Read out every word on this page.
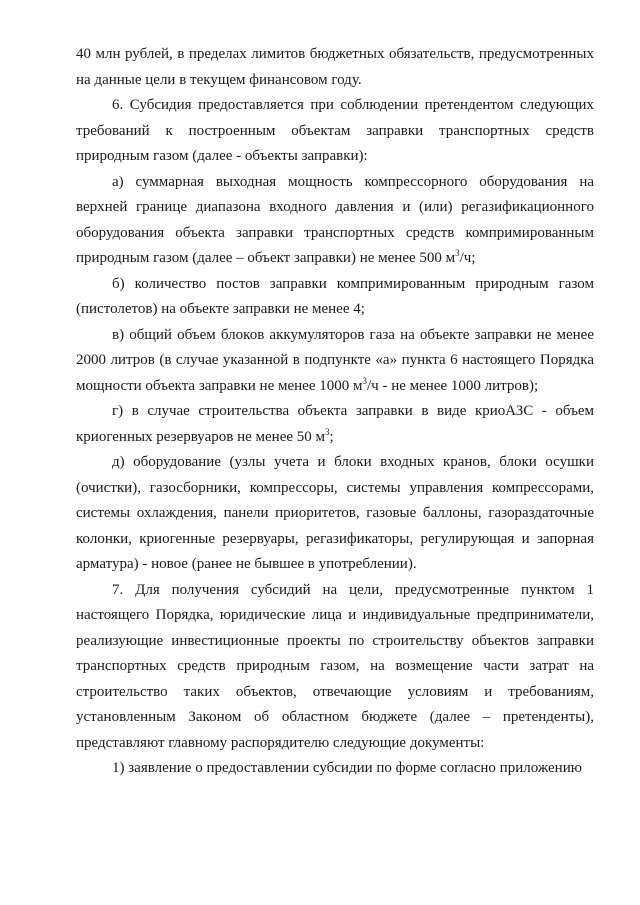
40 млн рублей, в пределах лимитов бюджетных обязательств, предусмотренных на данные цели в текущем финансовом году.

6. Субсидия предоставляется при соблюдении претендентом следующих требований к построенным объектам заправки транспортных средств природным газом (далее - объекты заправки):

а) суммарная выходная мощность компрессорного оборудования на верхней границе диапазона входного давления и (или) регазификационного оборудования объекта заправки транспортных средств компримированным природным газом (далее – объект заправки) не менее 500 $м^3/ч$;

б) количество постов заправки компримированным природным газом (пистолетов) на объекте заправки не менее 4;

в) общий объем блоков аккумуляторов газа на объекте заправки не менее 2000 литров (в случае указанной в подпункте «а» пункта 6 настоящего Порядка мощности объекта заправки не менее 1000 $м^3/ч$ - не менее 1000 литров);

г) в случае строительства объекта заправки в виде криоАЗС - объем криогенных резервуаров не менее 50 $м^3$;

д) оборудование (узлы учета и блоки входных кранов, блоки осушки (очистки), газосборники, компрессоры, системы управления компрессорами, системы охлаждения, панели приоритетов, газовые баллоны, газораздаточные колонки, криогенные резервуары, регазификаторы, регулирующая и запорная арматура) - новое (ранее не бывшее в употреблении).

7. Для получения субсидий на цели, предусмотренные пунктом 1 настоящего Порядка, юридические лица и индивидуальные предприниматели, реализующие инвестиционные проекты по строительству объектов заправки транспортных средств природным газом, на возмещение части затрат на строительство таких объектов, отвечающие условиям и требованиям, установленным Законом об областном бюджете (далее – претенденты), представляют главному распорядителю следующие документы:

1) заявление о предоставлении субсидии по форме согласно приложению
